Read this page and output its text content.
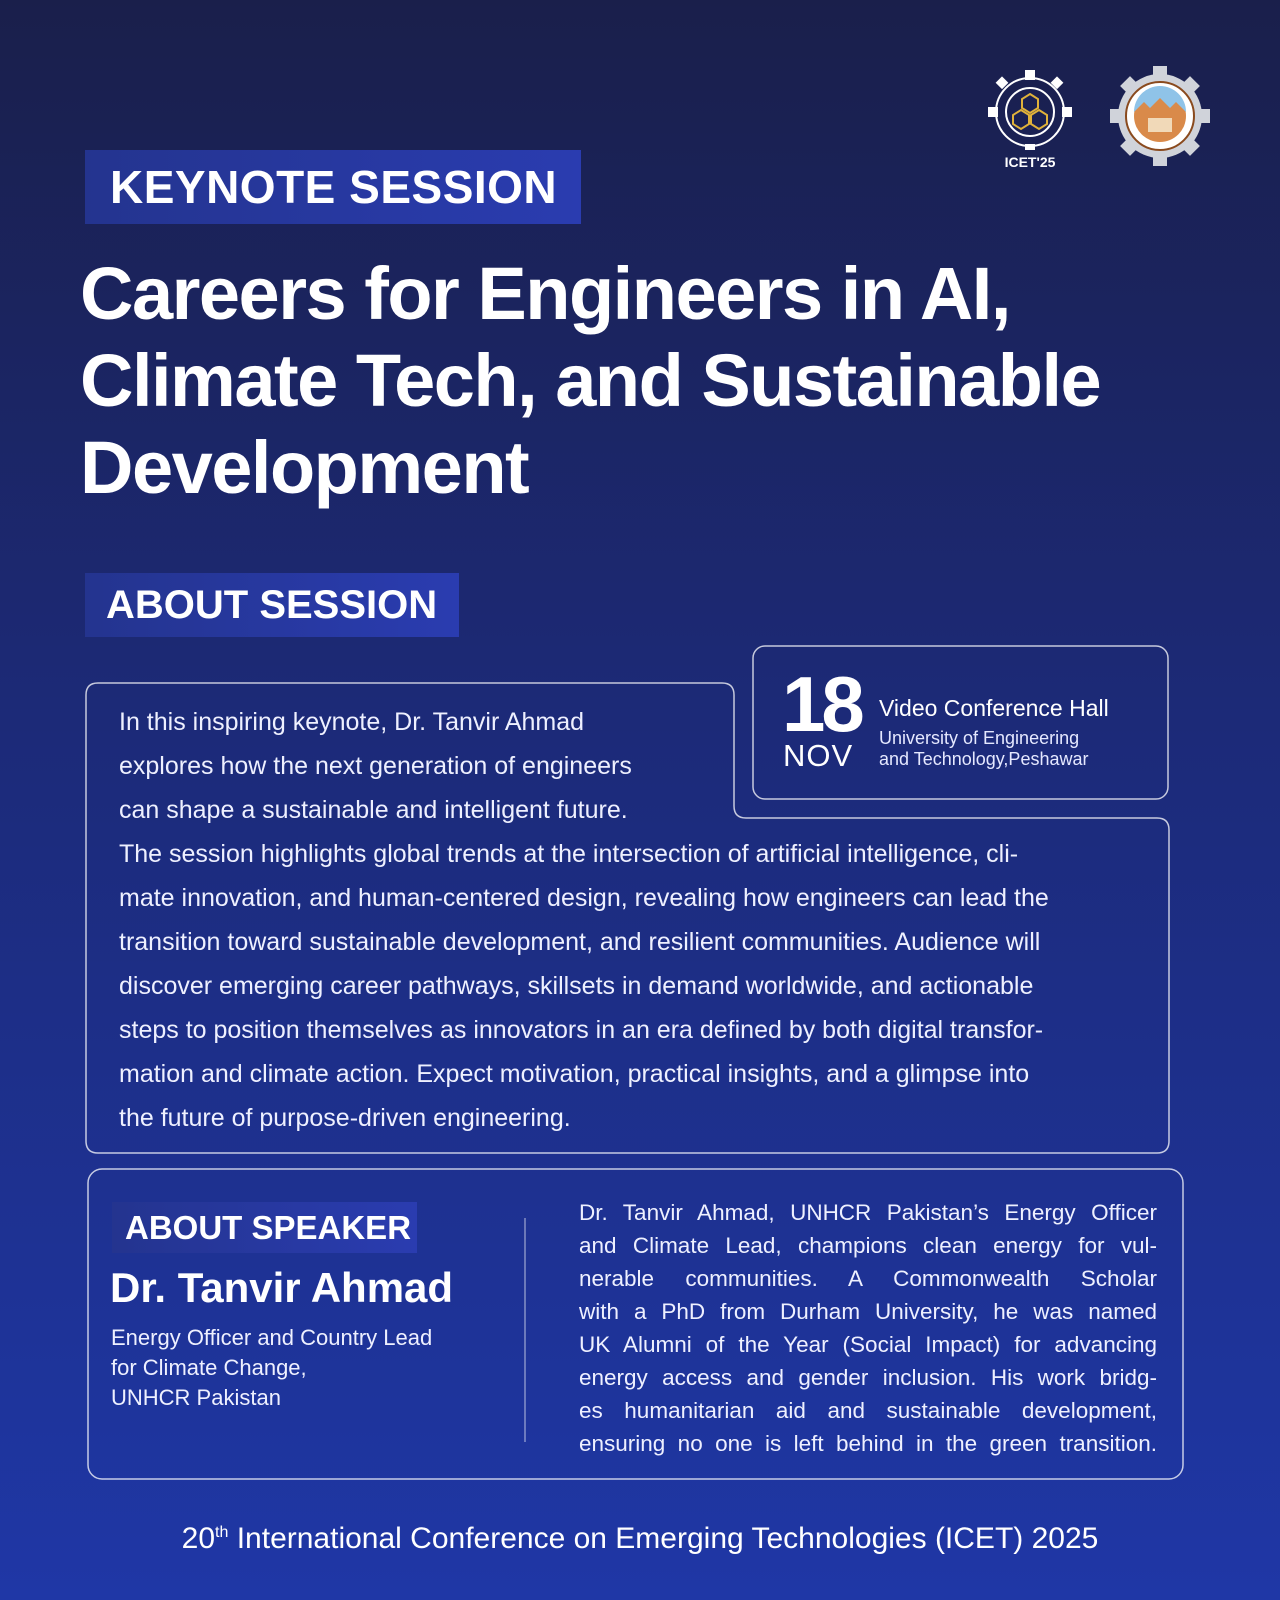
ICET'25
KEYNOTE SESSION
Careers for Engineers in AI,
Climate Tech, and Sustainable
Development
ABOUT SESSION
In this inspiring keynote, Dr. Tanvir Ahmad
explores how the next generation of engineers
can shape a sustainable and intelligent future.
The session highlights global trends at the intersection of artificial intelligence, cli-
mate innovation, and human-centered design, revealing how engineers can lead the
transition toward sustainable development, and resilient communities. Audience will
discover emerging career pathways, skillsets in demand worldwide, and actionable
steps to position themselves as innovators in an era defined by both digital transfor-
mation and climate action. Expect motivation, practical insights, and a glimpse into
the future of purpose-driven engineering.
18
NOV
Video Conference Hall
University of Engineering
and Technology,Peshawar
ABOUT SPEAKER
Dr. Tanvir Ahmad
Energy Officer and Country Lead
for Climate Change,
UNHCR Pakistan
Dr. Tanvir Ahmad, UNHCR Pakistan’s Energy Officer
and Climate Lead, champions clean energy for vul-
nerable communities. A Commonwealth Scholar
with a PhD from Durham University, he was named
UK Alumni of the Year (Social Impact) for advancing
energy access and gender inclusion. His work bridg-
es humanitarian aid and sustainable development,
ensuring no one is left behind in the green transition.
20th International Conference on Emerging Technologies (ICET) 2025
